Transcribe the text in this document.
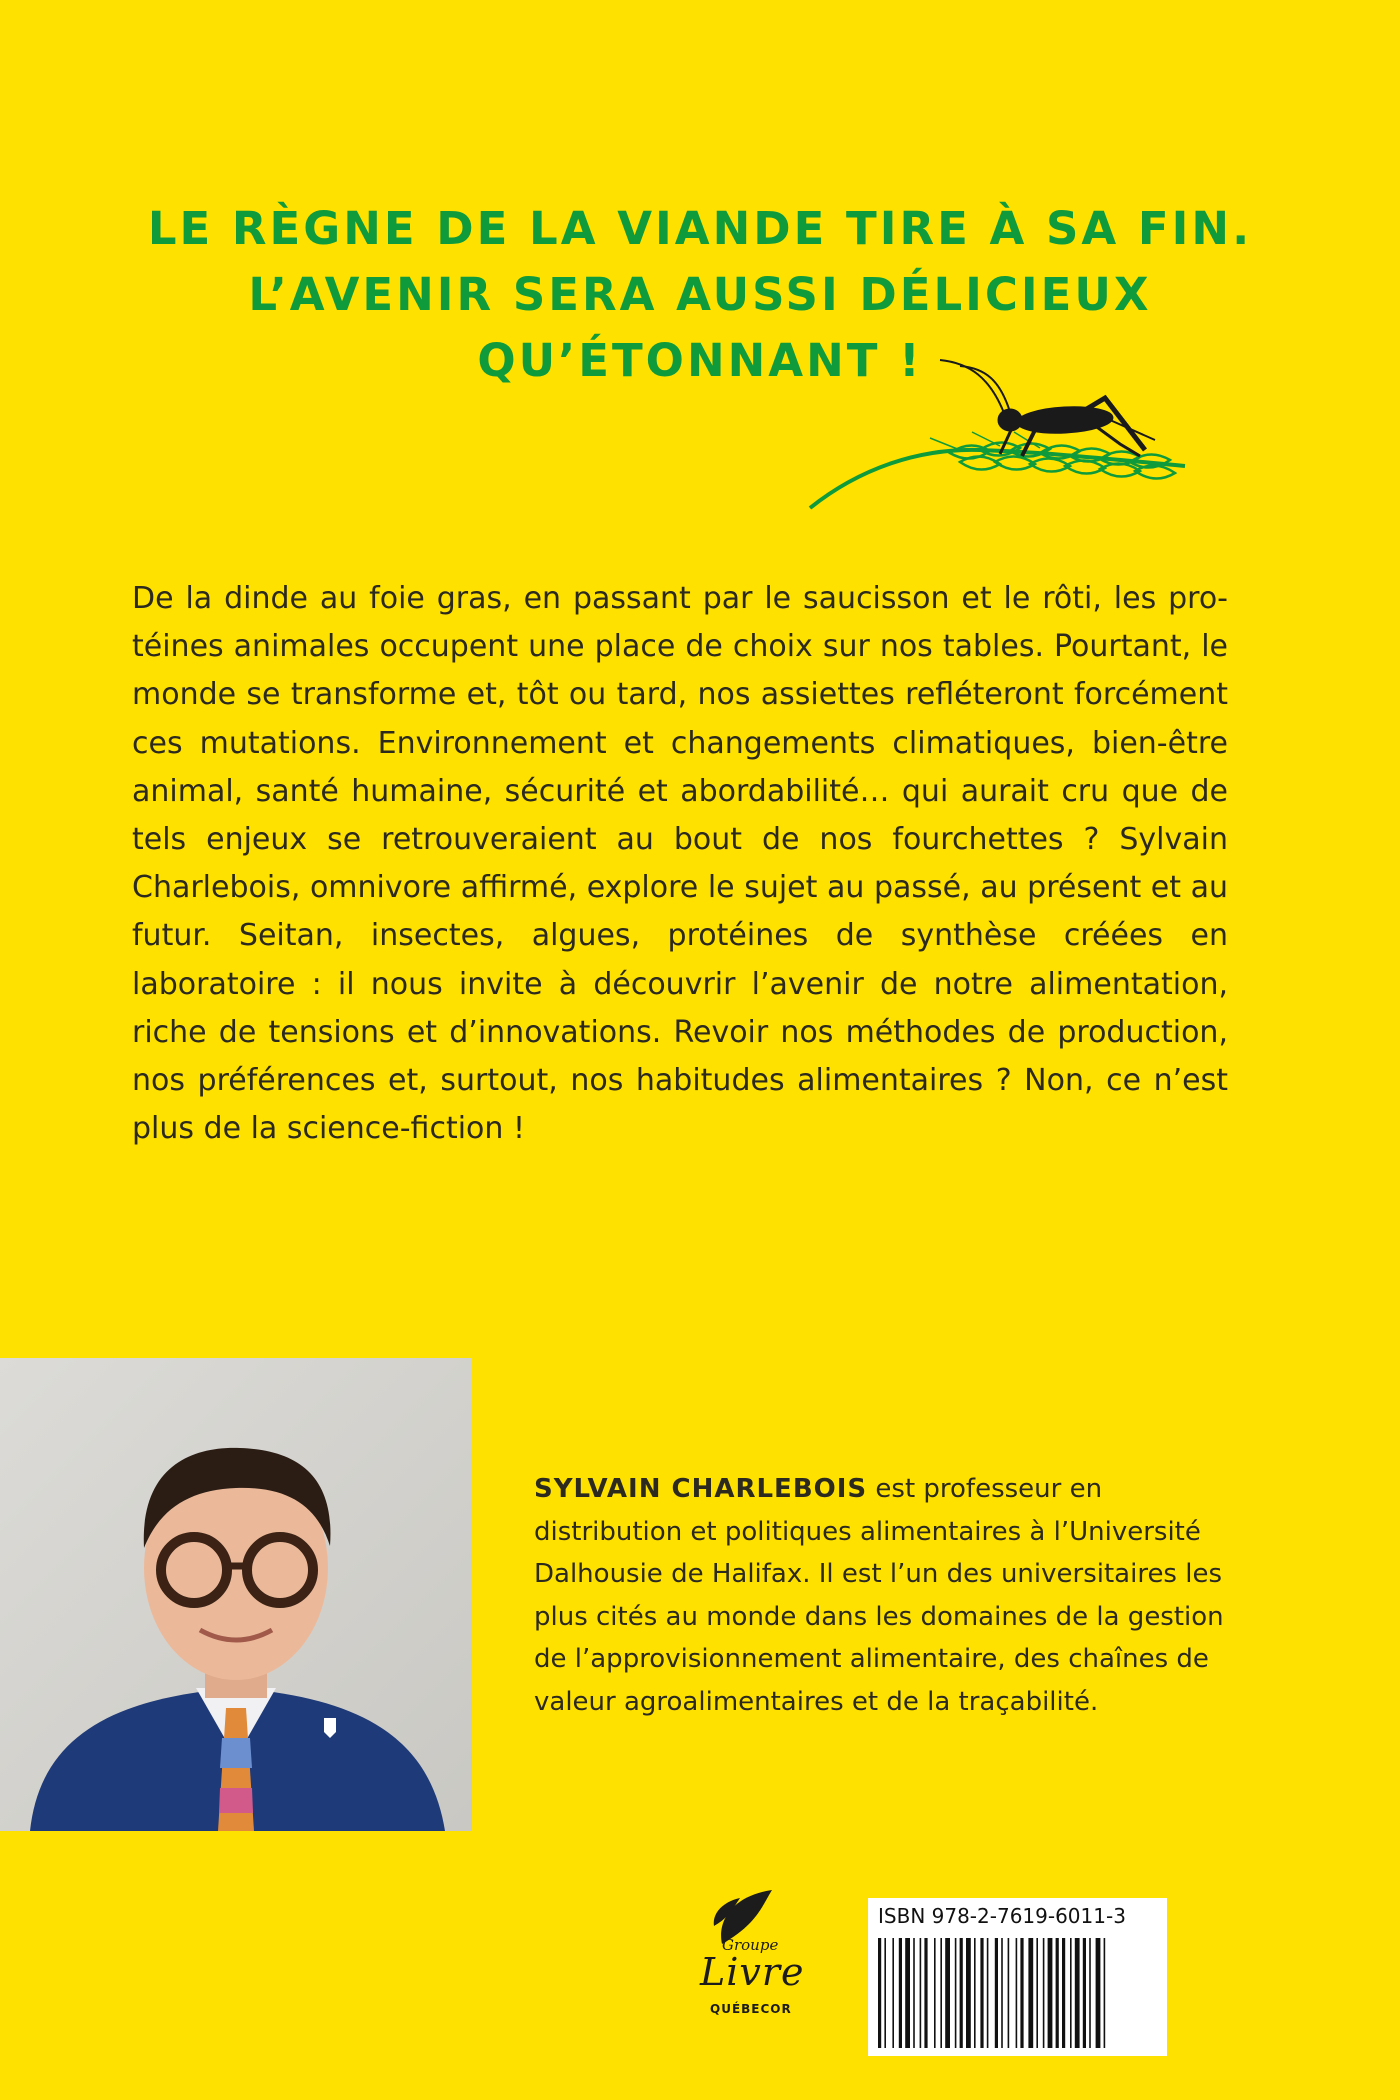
LE RÈGNE DE LA VIANDE TIRE À SA FIN.
L’AVENIR SERA AUSSI DÉLICIEUX
QU’ÉTONNANT !
De la dinde au foie gras, en passant par le saucisson et le rôti, les protéines animales occupent une place de choix sur nos tables. Pourtant, le monde se transforme et, tôt ou tard, nos assiettes refléteront forcément ces mutations. Environnement et changements climatiques, bien-être animal, santé humaine, sécurité et abordabilité… qui aurait cru que de tels enjeux se retrouveraient au bout de nos fourchettes ? Sylvain Charlebois, omnivore affirmé, explore le sujet au passé, au présent et au futur. Seitan, insectes, algues, protéines de synthèse créées en laboratoire : il nous invite à découvrir l’avenir de notre alimentation, riche de tensions et d’innovations. Revoir nos méthodes de production, nos préférences et, surtout, nos habitudes alimentaires ? Non, ce n’est plus de la science-fiction !
SYLVAIN CHARLEBOIS est professeur en distribution et politiques alimentaires à l’Université Dalhousie de Halifax. Il est l’un des universitaires les plus cités au monde dans les domaines de la gestion de l’approvisionnement alimentaire, des chaînes de valeur agroalimentaires et de la traçabilité.
Groupe
Livre
QUÉBECOR
ISBN 978-2-7619-6011-3
